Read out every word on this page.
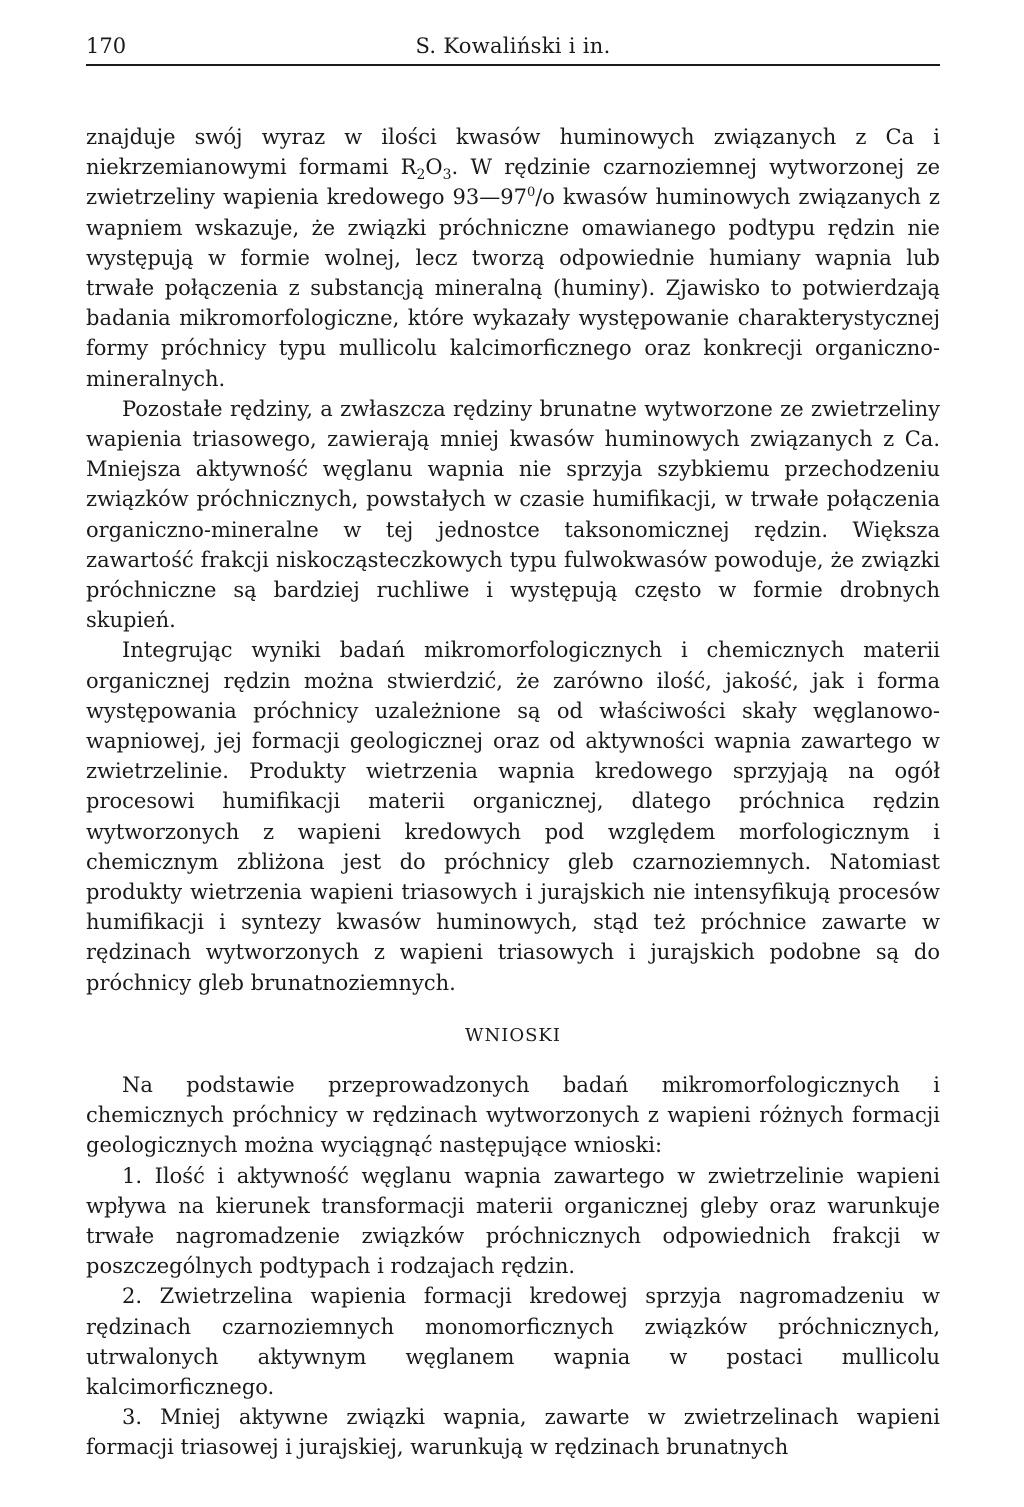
170	S. Kowaliński i in.

znajduje swój wyraz w ilości kwasów huminowych związanych z Ca i niekrzemianowymi formami $R_2O_3$. W rędzinie czarnoziemnej wytworzonej ze zwietrzeliny wapienia kredowego $93—97^0/o$ kwasów huminowych związanych z wapniem wskazuje, że związki próchniczne omawianego podtypu rędzin nie występują w formie wolnej, lecz tworzą odpowiednie humiany wapnia lub trwałe połączenia z substancją mineralną (huminy). Zjawisko to potwierdzają badania mikromorfologiczne, które wykazały występowanie charakterystycznej formy próchnicy typu mullicolu kalcimorficznego oraz konkrecji organiczno-mineralnych.

Pozostałe rędziny, a zwłaszcza rędziny brunatne wytworzone ze zwietrzeliny wapienia triasowego, zawierają mniej kwasów huminowych związanych z Ca. Mniejsza aktywność węglanu wapnia nie sprzyja szybkiemu przechodzeniu związków próchnicznych, powstałych w czasie humifikacji, w trwałe połączenia organiczno-mineralne w tej jednostce taksonomicznej rędzin. Większa zawartość frakcji niskocząsteczkowych typu fulwokwasów powoduje, że związki próchniczne są bardziej ruchliwe i występują często w formie drobnych skupień.

Integrując wyniki badań mikromorfologicznych i chemicznych materii organicznej rędzin można stwierdzić, że zarówno ilość, jakość, jak i forma występowania próchnicy uzależnione są od właściwości skały węglanowo-wapniowej, jej formacji geologicznej oraz od aktywności wapnia zawartego w zwietrzelinie. Produkty wietrzenia wapnia kredowego sprzyjają na ogół procesowi humifikacji materii organicznej, dlatego próchnica rędzin wytworzonych z wapieni kredowych pod względem morfologicznym i chemicznym zbliżona jest do próchnicy gleb czarnoziemnych. Natomiast produkty wietrzenia wapieni triasowych i jurajskich nie intensyfikują procesów humifikacji i syntezy kwasów huminowych, stąd też próchnice zawarte w rędzinach wytworzonych z wapieni triasowych i jurajskich podobne są do próchnicy gleb brunatnoziemnych.

WNIOSKI

Na podstawie przeprowadzonych badań mikromorfologicznych i chemicznych próchnicy w rędzinach wytworzonych z wapieni różnych formacji geologicznych można wyciągnąć następujące wnioski:

1. Ilość i aktywność węglanu wapnia zawartego w zwietrzelinie wapieni wpływa na kierunek transformacji materii organicznej gleby oraz warunkuje trwałe nagromadzenie związków próchnicznych odpowiednich frakcji w poszczególnych podtypach i rodzajach rędzin.

2. Zwietrzelina wapienia formacji kredowej sprzyja nagromadzeniu w rędzinach czarnoziemnych monomorficznych związków próchnicznych, utrwalonych aktywnym węglanem wapnia w postaci mullicolu kalcimorficznego.

3. Mniej aktywne związki wapnia, zawarte w zwietrzelinach wapieni formacji triasowej i jurajskiej, warunkują w rędzinach brunatnych
